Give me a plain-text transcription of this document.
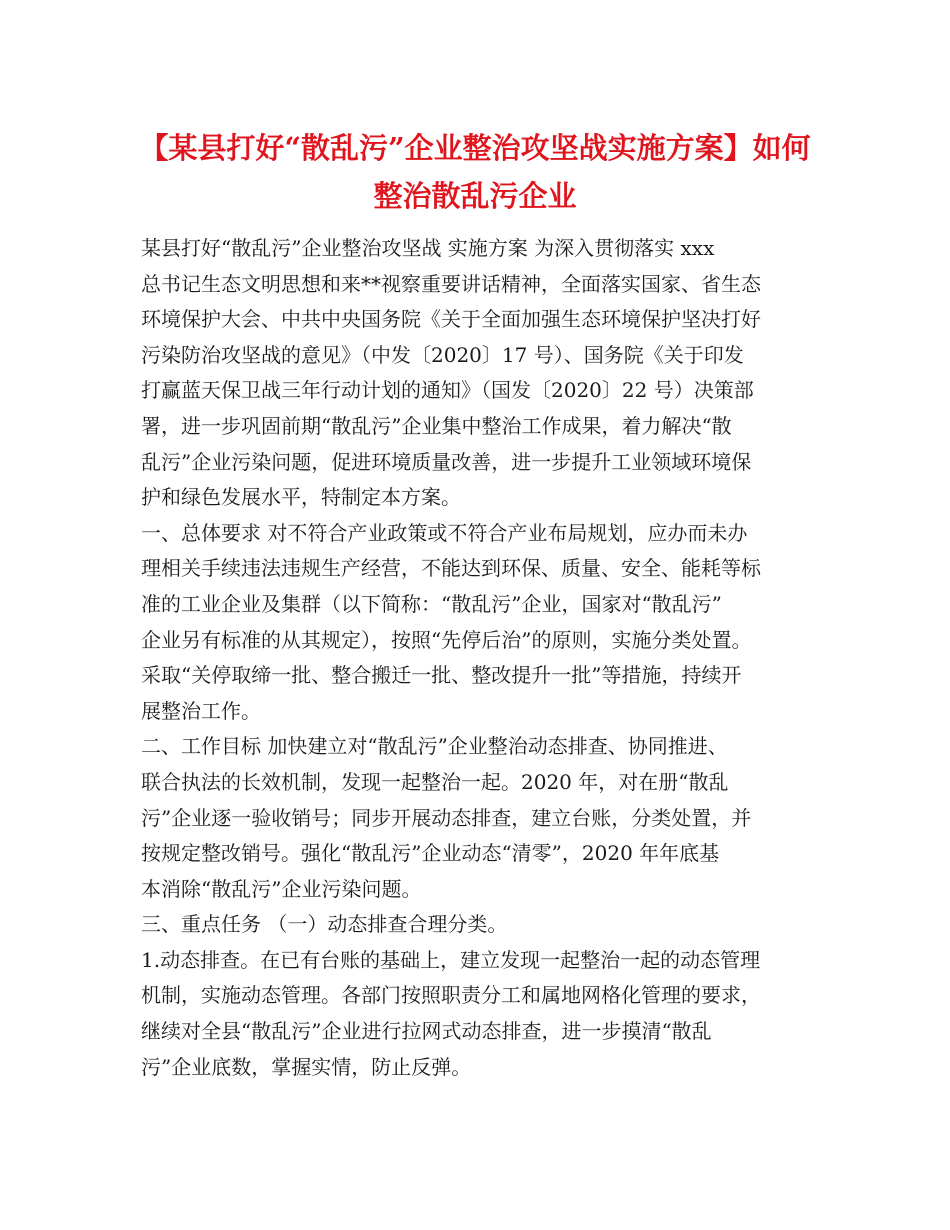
【某县打好“散乱污”企业整治攻坚战实施方案】如何
整治散乱污企业
某县打好“散乱污”企业整治攻坚战 实施方案 为深入贯彻落实 xxx
总书记生态文明思想和来**视察重要讲话精神，全面落实国家、省生态
环境保护大会、中共中央国务院《关于全面加强生态环境保护坚决打好
污染防治攻坚战的意见》（中发〔2020〕17 号）、国务院《关于印发
打赢蓝天保卫战三年行动计划的通知》（国发〔2020〕22 号）决策部
署，进一步巩固前期“散乱污”企业集中整治工作成果，着力解决“散
乱污”企业污染问题，促进环境质量改善，进一步提升工业领域环境保
护和绿色发展水平，特制定本方案。
一、总体要求 对不符合产业政策或不符合产业布局规划，应办而未办
理相关手续违法违规生产经营，不能达到环保、质量、安全、能耗等标
准的工业企业及集群（以下简称：“散乱污”企业，国家对“散乱污”
企业另有标准的从其规定），按照“先停后治”的原则，实施分类处置。
采取“关停取缔一批、整合搬迁一批、整改提升一批”等措施，持续开
展整治工作。
二、工作目标 加快建立对“散乱污”企业整治动态排查、协同推进、
联合执法的长效机制，发现一起整治一起。2020 年，对在册“散乱
污”企业逐一验收销号；同步开展动态排查，建立台账，分类处置，并
按规定整改销号。强化“散乱污”企业动态“清零”，2020 年年底基
本消除“散乱污”企业污染问题。
三、重点任务 （一）动态排查合理分类。
1.动态排查。在已有台账的基础上，建立发现一起整治一起的动态管理
机制，实施动态管理。各部门按照职责分工和属地网格化管理的要求，
继续对全县“散乱污”企业进行拉网式动态排查，进一步摸清“散乱
污”企业底数，掌握实情，防止反弹。
